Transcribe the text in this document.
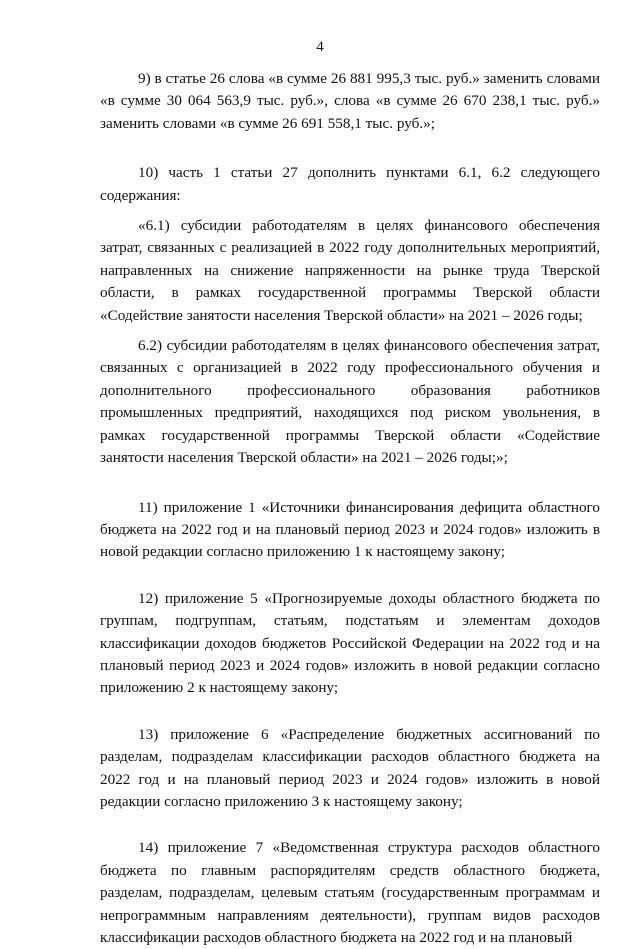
4

9) в статье 26 слова «в сумме 26 881 995,3 тыс. руб.» заменить словами «в сумме 30 064 563,9 тыс. руб.», слова «в сумме 26 670 238,1 тыс. руб.» заменить словами «в сумме 26 691 558,1 тыс. руб.»;

10) часть 1 статьи 27 дополнить пунктами 6.1, 6.2 следующего содержания:

«6.1) субсидии работодателям в целях финансового обеспечения затрат, связанных с реализацией в 2022 году дополнительных мероприятий, направленных на снижение напряженности на рынке труда Тверской области, в рамках государственной программы Тверской области «Содействие занятости населения Тверской области» на 2021 – 2026 годы;

6.2) субсидии работодателям в целях финансового обеспечения затрат, связанных с организацией в 2022 году профессионального обучения и дополнительного профессионального образования работников промышленных предприятий, находящихся под риском увольнения, в рамках государственной программы Тверской области «Содействие занятости населения Тверской области» на 2021 – 2026 годы;»;

11) приложение 1 «Источники финансирования дефицита областного бюджета на 2022 год и на плановый период 2023 и 2024 годов» изложить в новой редакции согласно приложению 1 к настоящему закону;

12) приложение 5 «Прогнозируемые доходы областного бюджета по группам, подгруппам, статьям, подстатьям и элементам доходов классификации доходов бюджетов Российской Федерации на 2022 год и на плановый период 2023 и 2024 годов» изложить в новой редакции согласно приложению 2 к настоящему закону;

13) приложение 6 «Распределение бюджетных ассигнований по разделам, подразделам классификации расходов областного бюджета на 2022 год и на плановый период 2023 и 2024 годов» изложить в новой редакции согласно приложению 3 к настоящему закону;

14) приложение 7 «Ведомственная структура расходов областного бюджета по главным распорядителям средств областного бюджета, разделам, подразделам, целевым статьям (государственным программам и непрограммным направлениям деятельности), группам видов расходов классификации расходов областного бюджета на 2022 год и на плановый
